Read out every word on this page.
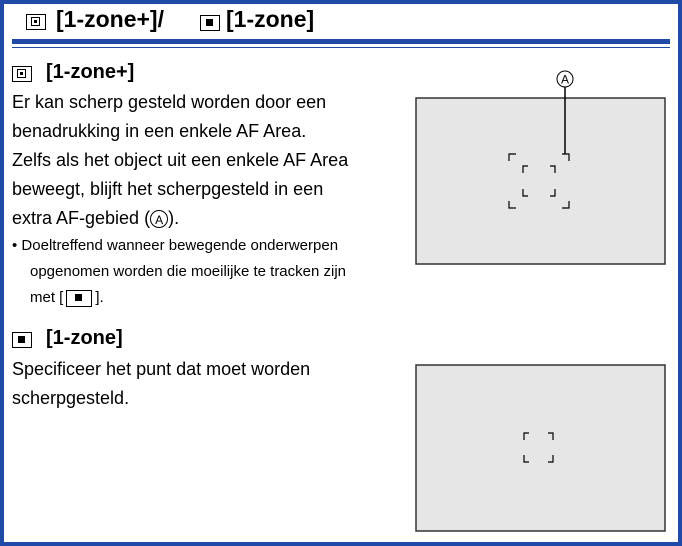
[1-zone+]/	[1-zone]
[1-zone+]
Er kan scherp gesteld worden door een
benadrukking in een enkele AF Area.
Zelfs als het object uit een enkele AF Area
beweegt, blijft het scherpgesteld in een
extra AF-gebied ( A ).
• Doeltreffend wanneer bewegende onderwerpen
opgenomen worden die moeilijke te tracken zijn
met [ ].
A
[1-zone]
Specificeer het punt dat moet worden
scherpgesteld.
